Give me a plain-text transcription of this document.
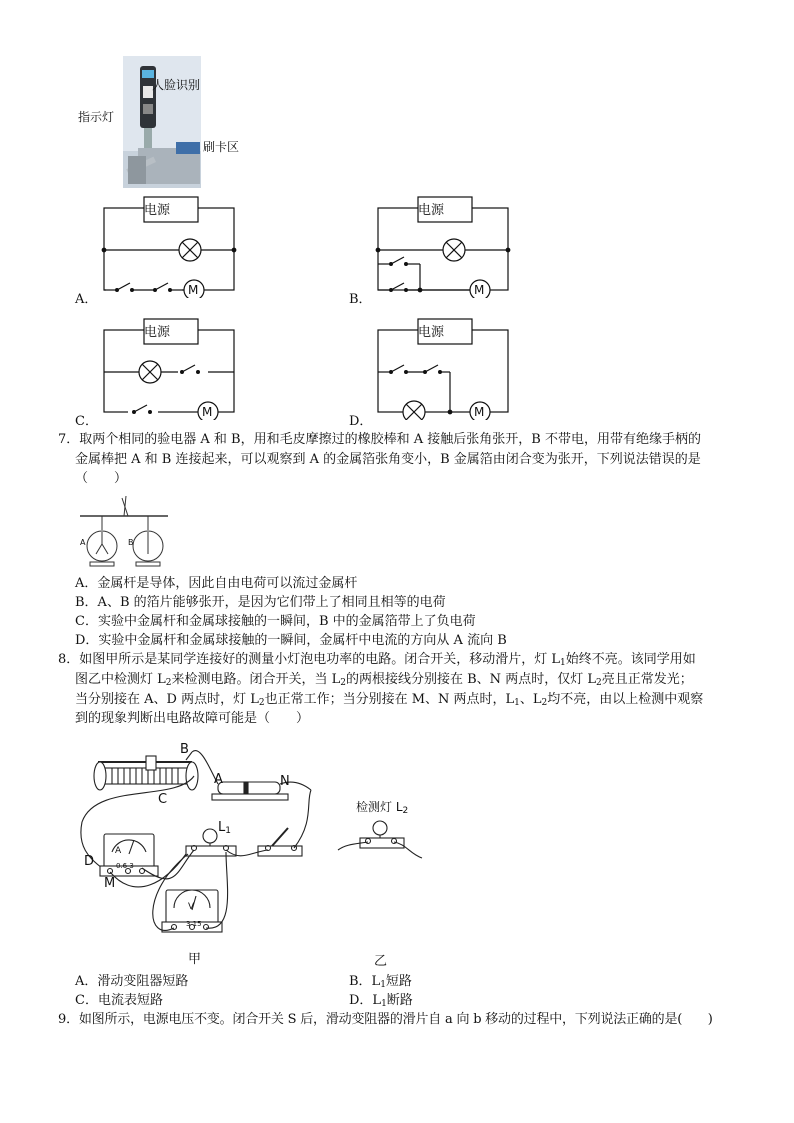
人脸识别
指示灯
刷卡区
电源
M
A．
电源
M
B．
电源
M
C．
电源
M
D．
7．取两个相同的验电器 A 和 B，用和毛皮摩擦过的橡胶棒和 A 接触后张角张开，B 不带电，用带有绝缘手柄的
金属棒把 A 和 B 连接起来，可以观察到 A 的金属箔张角变小，B 金属箔由闭合变为张开，下列说法错误的是
（　　）
A	B
A．金属杆是导体，因此自由电荷可以流过金属杆
B．A、B 的箔片能够张开，是因为它们带上了相同且相等的电荷
C．实验中金属杆和金属球接触的一瞬间，B 中的金属箔带上了负电荷
D．实验中金属杆和金属球接触的一瞬间，金属杆中电流的方向从 A 流向 B
8．如图甲所示是某同学连接好的测量小灯泡电功率的电路。闭合开关，移动滑片，灯 $L_1$始终不亮。该同学用如
图乙中检测灯 $L_2$来检测电路。闭合开关，当 $L_2$的两根接线分别接在 B、N 两点时，仅灯 $L_2$亮且正常发光；
当分别接在 A、D 两点时，灯 $L_2$也正常工作；当分别接在 M、N 两点时，$L_1$、$L_2$均不亮，由以上检测中观察
到的现象判断出电路故障可能是（　　）
B
A	N
C
D
M
$L_1$
A
0.6 3
V
3 15
甲
检测灯 $L_2$
乙
A．滑动变阻器短路	B．$L_1$短路
C．电流表短路	D．$L_1$断路
9．如图所示，电源电压不变。闭合开关 S 后，滑动变阻器的滑片自 a 向 b 移动的过程中，下列说法正确的是(　　)
